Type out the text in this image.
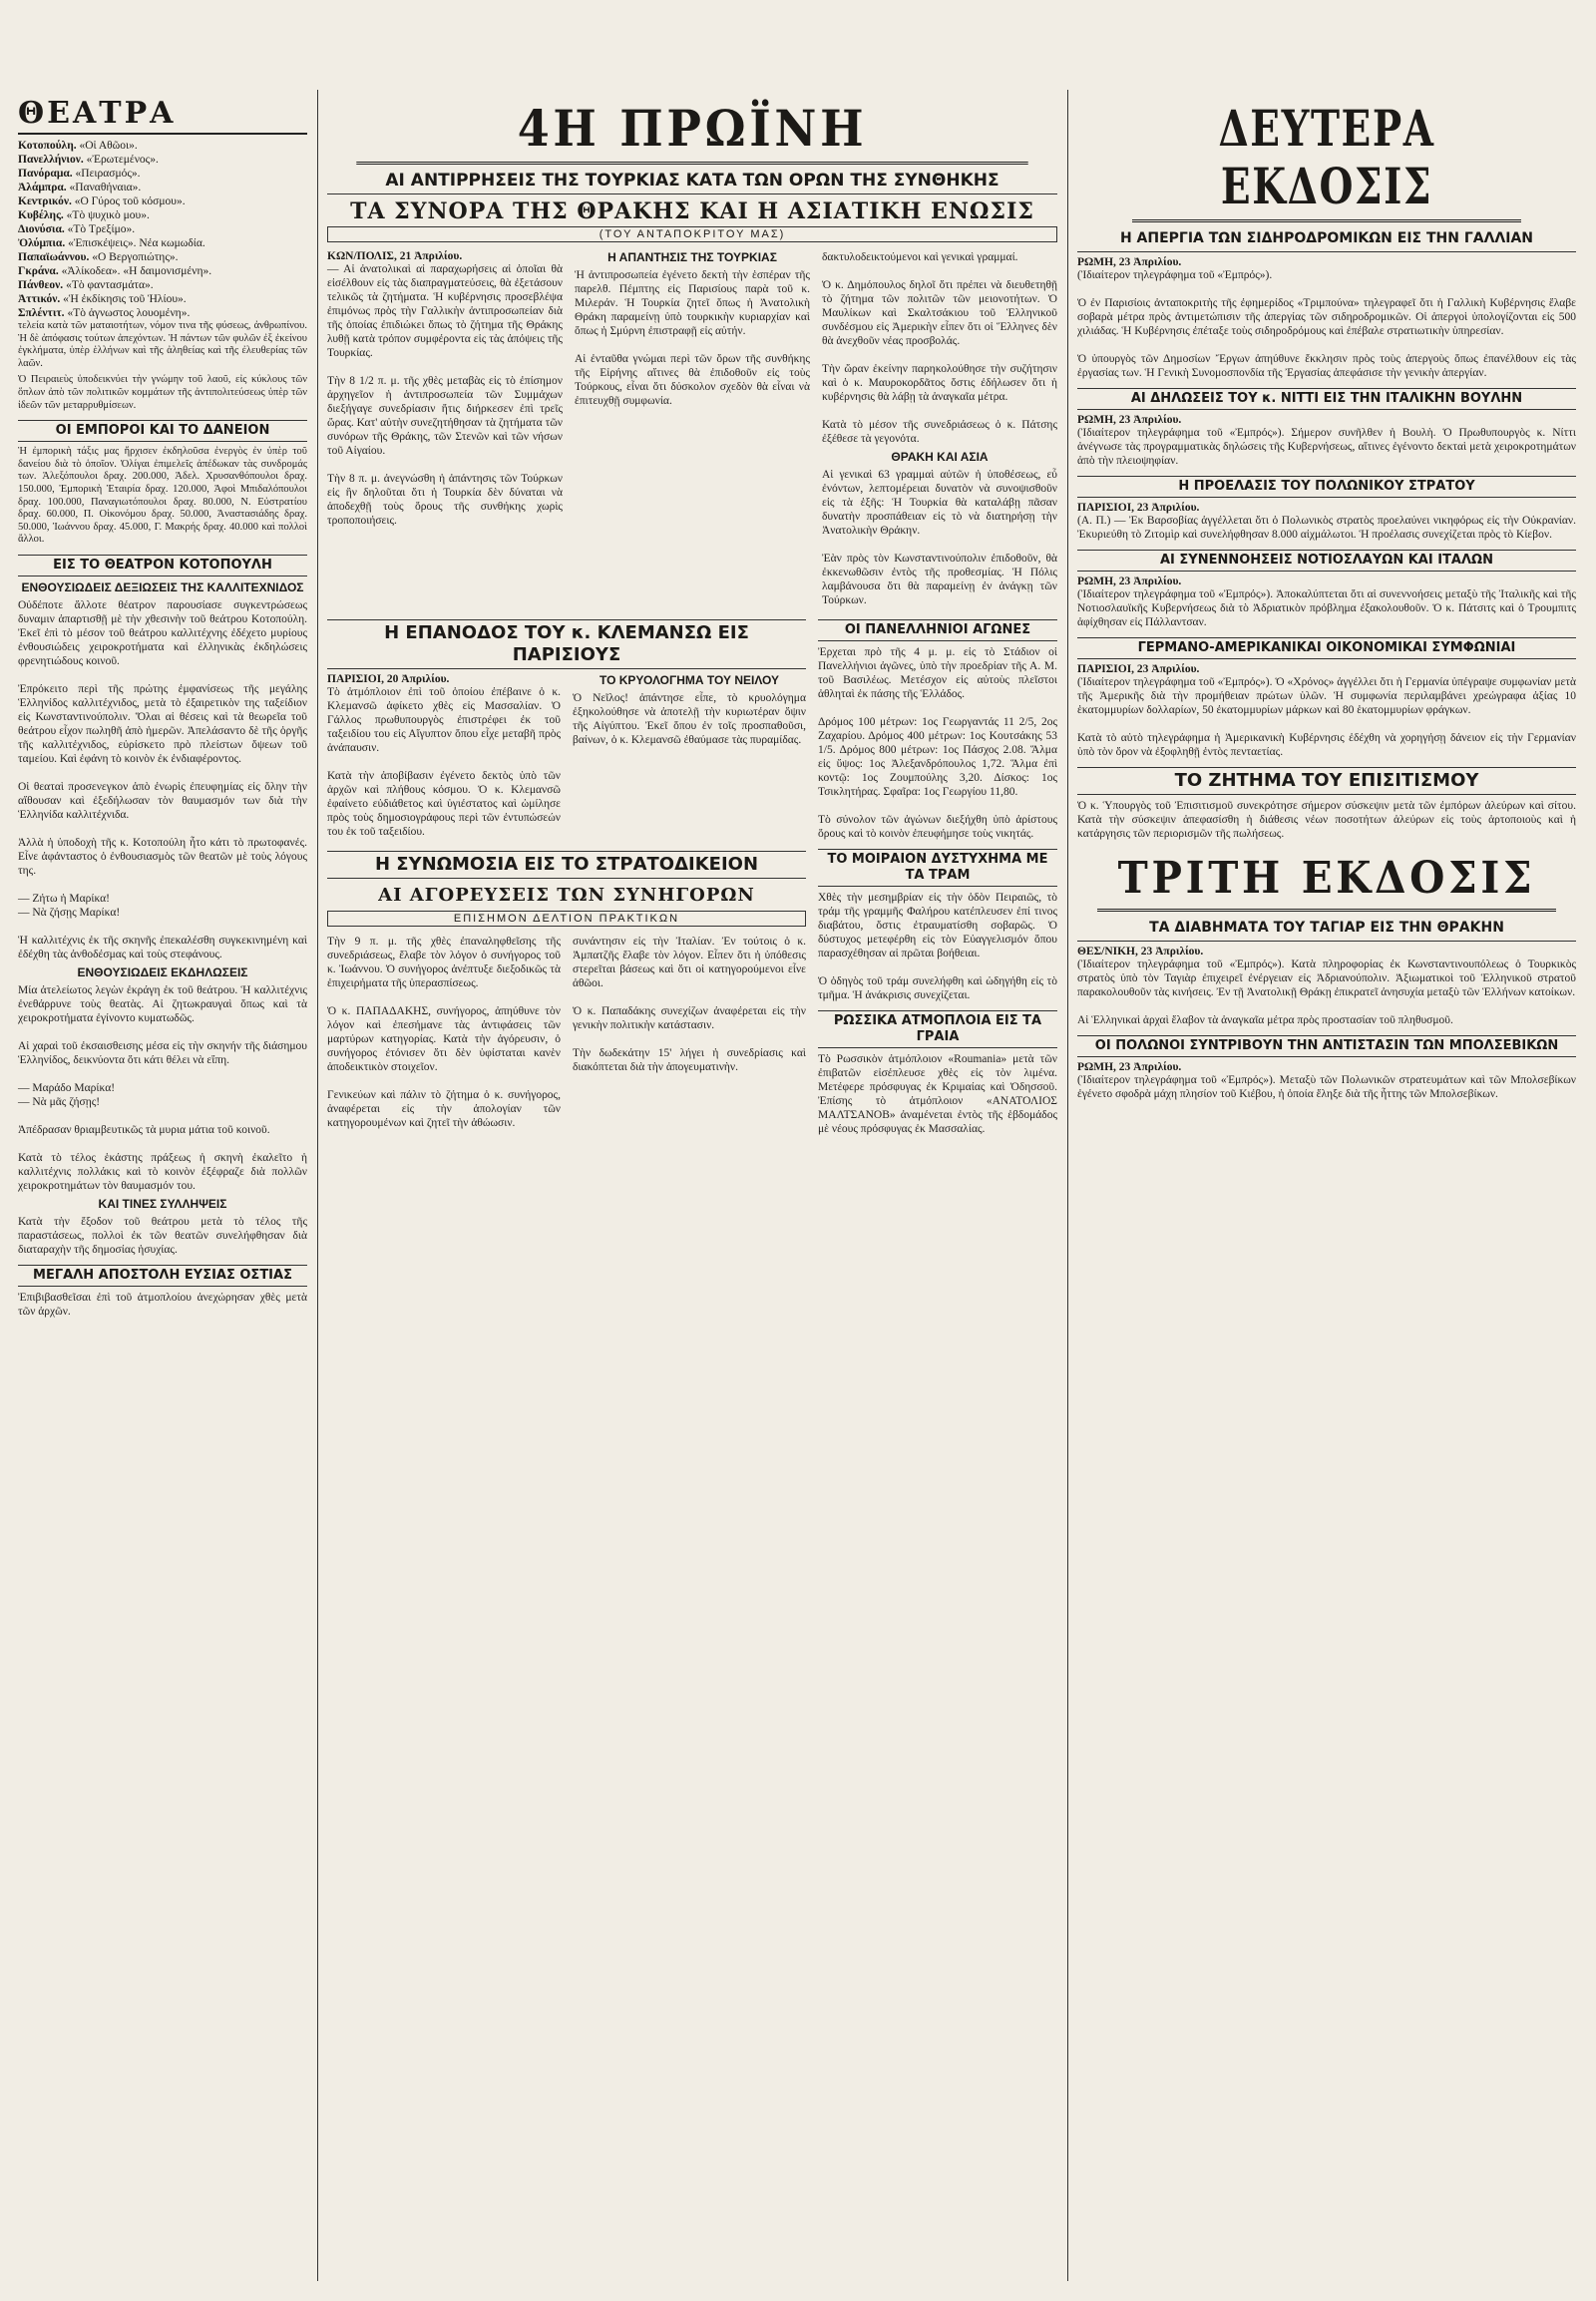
ΘΕΑΤΡΑ

Κοτοπούλη. «Οἱ Αθῶοι».

Πανελλήνιον. «Ἐρωτεμένος».

Πανόραμα. «Πειρασμός».

Ἀλάμπρα. «Παναθήναια».

Κεντρικόν. «Ο Γύρος τοῦ κόσμου».

Κυβέλης. «Τὸ ψυχικὸ μου».

Διονύσια. «Τὸ Τρεξίμο».

Ὀλύμπια. «Ἐπισκέψεις». Νέα κωμωδία.

Παπαϊωάννου. «Ο Βεργοπιώτης».

Γκράνα. «Ἀλίκοδεα». «Η δαιμονισμένη».

Πάνθεον. «Τὸ φαντασμάτα».

Ἀττικόν. «Ἡ ἐκδίκησις τοῦ Ἡλίου».

Σπλέντιτ. «Τὸ ἀγνωστος λουομένη».

τελεία κατὰ τῶν ματαιοτήτων, νόμον τινα τῆς φύσεως, ἀνθρωπίνου. Ἡ δὲ ἀπόφασις τούτων ἀπεχόντων. Ἡ πάντων τῶν φυλῶν ἐξ ἐκείνου ἐγκλήματα, ὑπὲρ ἑλλήνων καὶ τῆς ἀληθείας καὶ τῆς ἐλευθερίας τῶν λαῶν.

Ὁ Πειραιεὺς ὑποδεικνύει τὴν γνώμην τοῦ λαοῦ, εἰς κύκλους τῶν ὅπλων ἀπὸ τῶν πολιτικῶν κομμάτων τῆς ἀντιπολιτεύσεως ὑπὲρ τῶν ἰδεῶν τῶν μεταρρυθμίσεων.

ΟΙ ΕΜΠΟΡΟΙ ΚΑΙ ΤΟ ΔΑΝΕΙΟΝ

Ἡ ἐμπορικὴ τάξις μας ἤρχισεν ἐκδηλοῦσα ἐνεργὸς ἐν ὑπὲρ τοῦ δανείου διὰ τὸ ὁποῖον. Ὀλίγαι ἐπιμελεῖς ἀπέδωκαν τὰς συνδρομάς των. Ἀλεξόπουλοι δραχ. 200.000, Ἀδελ. Χρυσανθόπουλοι δραχ. 150.000, Ἐμπορικὴ Ἑταιρία δραχ. 120.000, Ἀφοὶ Μπιδαλόπουλοι δραχ. 100.000, Παναγιωτόπουλοι δραχ. 80.000, Ν. Εὐστρατίου δραχ. 60.000, Π. Οἰκονόμου δραχ. 50.000, Ἀναστασιάδης δραχ. 50.000, Ἰωάννου δραχ. 45.000, Γ. Μακρής δραχ. 40.000 καὶ πολλοὶ ἄλλοι.

ΕΙΣ ΤΟ ΘΕΑΤΡΟΝ ΚΟΤΟΠΟΥΛΗ
ΕΝΘΟΥΣΙΩΔΕΙΣ ΔΕΞΙΩΣΕΙΣ ΤΗΣ ΚΑΛΛΙΤΕΧΝΙΔΟΣ

Οὐδέποτε ἄλλοτε θέατρον παρουσίασε συγκεντρώσεως δυναμιν ἀπαρτισθῇ μὲ τὴν χθεσινὴν τοῦ θεάτρου Κοτοπούλη. Ἐκεῖ ἐπὶ τὸ μέσον τοῦ θεάτρου καλλιτέχνης ἐδέχετο μυρίους ἐνθουσιώδεις χειροκροτήματα καὶ ἐλληνικὰς ἐκδηλώσεις φρενητιώδους κοινοῦ.

Ἐπρόκειτο περὶ τῆς πρώτης ἐμφανίσεως τῆς μεγάλης Ἑλληνίδος καλλιτέχνιδος, μετὰ τὸ ἐξαιρετικὸν της ταξείδιον εἰς Κωνσταντινούπολιν. Ὅλαι αἱ θέσεις καὶ τὰ θεωρεῖα τοῦ θεάτρου εἶχον πωληθῆ ἀπὸ ἡμερῶν. Ἀπελάσαντο δὲ τῆς ὀργῆς τῆς καλλιτέχνιδος, εὐρίσκετο πρὸ πλείστων ὄψεων τοῦ ταμείου. Καὶ ἐφάνη τὸ κοινὸν ἐκ ἐνδιαφέροντος.

Οἱ θεαταὶ προσενεγκον ἀπὸ ἐνωρὶς ἐπευφημίας εἰς ὅλην τὴν αἴθουσαν καὶ ἐξεδήλωσαν τὸν θαυμασμόν των διὰ τὴν Ἑλληνίδα καλλιτέχνιδα.

Ἀλλὰ ἡ ὑποδοχὴ τῆς κ. Κοτοπούλη ἦτο κάτι τὸ πρωτοφανές. Εἶνε ἀφάνταστος ὁ ἐνθουσιασμὸς τῶν θεατῶν μὲ τοὺς λόγους της.

— Ζήτω ἡ Μαρίκα!
— Νὰ ζήσῃς Μαρίκα!

Ἡ καλλιτέχνις ἐκ τῆς σκηνῆς ἐπεκαλέσθη συγκεκινημένη καὶ ἐδέχθη τὰς ἀνθοδέσμας καὶ τοὺς στεφάνους.

ΕΝΘΟΥΣΙΩΔΕΙΣ ΕΚΔΗΛΩΣΕΙΣ

Μία ἀτελείωτος λεγὼν ἐκράγη ἐκ τοῦ θεάτρου. Ἡ καλλιτέχνις ἐνεθάρρυνε τοὺς θεατὰς. Αἱ ζητωκραυγαὶ ὅπως καὶ τὰ χειροκροτήματα ἐγίνοντο κυματωδῶς.

Αἱ χαραὶ τοῦ ἐκσαισθεισης μέσα εἰς τὴν σκηνήν τῆς διάσημου Ἑλληνίδος, δεικνύοντα ὅτι κάτι θέλει νὰ εἴπη.

— Μαράδο Μαρίκα!
— Νὰ μᾶς ζήσῃς!

Ἀπέδρασαν θριαμβευτικῶς τὰ μυρια μάτια τοῦ κοινοῦ.

Κατὰ τὸ τέλος ἑκάστης πράξεως ἡ σκηνὴ ἐκαλεῖτο ἡ καλλιτέχνις πολλάκις καὶ τὸ κοινὸν ἐξέφραζε διὰ πολλῶν χειροκροτημάτων τὸν θαυμασμόν του.

ΚΑΙ ΤΙΝΕΣ ΣΥΛΛΗΨΕΙΣ

Κατὰ τὴν ἔξοδον τοῦ θεάτρου μετὰ τὸ τέλος τῆς παραστάσεως, πολλοὶ ἐκ τῶν θεατῶν συνελήφθησαν διὰ διαταραχὴν τῆς δημοσίας ἡσυχίας.

ΜΕΓΑΛΗ ΑΠΟΣΤΟΛΗ ΕΥΣΙΑΣ ΟΣΤΙΑΣ

Ἐπιβιβασθεῖσαι ἐπὶ τοῦ ἀτμοπλοίου ἀνεχώρησαν χθὲς μετὰ τῶν ἀρχῶν.

4Η ΠΡΩΪΝΗ
ΑΙ ΑΝΤΙΡΡΗΣΕΙΣ ΤΗΣ ΤΟΥΡΚΙΑΣ ΚΑΤΑ ΤΩΝ ΟΡΩΝ ΤΗΣ ΣΥΝΘΗΚΗΣ
ΤΑ ΣΥΝΟΡΑ ΤΗΣ ΘΡΑΚΗΣ ΚΑΙ Η ΑΣΙΑΤΙΚΗ ΕΝΩΣΙΣ
(ΤΟΥ ΑΝΤΑΠΟΚΡΙΤΟΥ ΜΑΣ)

ΚΩΝ/ΠΟΛΙΣ, 21 Ἀπριλίου.

— Αἱ ἀνατολικαὶ αἱ παραχωρήσεις αἱ ὁποῖαι θὰ εἰσέλθουν εἰς τὰς διαπραγματεύσεις, θὰ ἐξετάσουν τελικῶς τὰ ζητήματα. Ἡ κυβέρνησις προσεβλέψα ἐπιμόνως πρὸς τὴν Γαλλικὴν ἀντιπροσωπείαν διὰ τῆς ὁποίας ἐπιδιώκει ὅπως τὸ ζήτημα τῆς Θράκης λυθῇ κατὰ τρόπον συμφέροντα εἰς τὰς ἀπόψεις τῆς Τουρκίας.

Τὴν 8 1/2 π. μ. τῆς χθὲς μεταβὰς εἰς τὸ ἐπίσημον ἀρχηγεῖον ἡ ἀντιπροσωπεία τῶν Συμμάχων διεξήγαγε συνεδρίασιν ἥτις διήρκεσεν ἐπὶ τρεῖς ὥρας. Κατ' αὐτὴν συνεζητήθησαν τὰ ζητήματα τῶν συνόρων τῆς Θράκης, τῶν Στενῶν καὶ τῶν νήσων τοῦ Αἰγαίου.

Τὴν 8 π. μ. ἀνεγνώσθη ἡ ἀπάντησις τῶν Τούρκων εἰς ἣν δηλοῦται ὅτι ἡ Τουρκία δὲν δύναται νὰ ἀποδεχθῇ τοὺς ὅρους τῆς συνθήκης χωρὶς τροποποιήσεις.

Η ΑΠΑΝΤΗΣΙΣ ΤΗΣ ΤΟΥΡΚΙΑΣ

Ἡ ἀντιπροσωπεία ἐγένετο δεκτὴ τὴν ἑσπέραν τῆς παρελθ. Πέμπτης εἰς Παρισίους παρὰ τοῦ κ. Μιλεράν. Ἡ Τουρκία ζητεῖ ὅπως ἡ Ἀνατολικὴ Θράκη παραμείνῃ ὑπὸ τουρκικὴν κυριαρχίαν καὶ ὅπως ἡ Σμύρνη ἐπιστραφῇ εἰς αὐτήν.

Αἱ ἐνταῦθα γνώμαι περὶ τῶν ὅρων τῆς συνθήκης τῆς Εἰρήνης αἵτινες θὰ ἐπιδοθοῦν εἰς τοὺς Τούρκους, εἶναι ὅτι δύσκολον σχεδὸν θὰ εἶναι νὰ ἐπιτευχθῇ συμφωνία.

δακτυλοδεικτούμενοι καὶ γενικαὶ γραμμαί.

Ὁ κ. Δημόπουλος δηλοῖ ὅτι πρέπει νὰ διευθετηθῇ τὸ ζήτημα τῶν πολιτῶν τῶν μειονοτήτων. Ὁ Μαυλίκων καὶ Σκαλτσάκιου τοῦ Ἑλληνικοῦ συνδέσμου εἰς Ἀμερικὴν εἶπεν ὅτι οἱ Ἕλληνες δὲν θὰ ἀνεχθοῦν νέας προσβολάς.

Τὴν ὥραν ἐκείνην παρηκολούθησε τὴν συζήτησιν καὶ ὁ κ. Μαυροκορδᾶτος ὅστις ἐδήλωσεν ὅτι ἡ κυβέρνησις θὰ λάβῃ τὰ ἀναγκαῖα μέτρα.

Κατὰ τὸ μέσον τῆς συνεδριάσεως ὁ κ. Πάτσης ἐξέθεσε τὰ γεγονότα.

ΘΡΑΚΗ ΚΑΙ ΑΣΙΑ

Αἱ γενικαὶ 63 γραμμαὶ αὐτῶν ἡ ὑποθέσεως, εὗ ἐνόντων, λεπτομέρειαι δυνατὸν νὰ συνοψισθοῦν εἰς τὰ ἑξῆς: Ἡ Τουρκία θὰ καταλάβῃ πᾶσαν δυνατὴν προσπάθειαν εἰς τὸ νὰ διατηρήσῃ τὴν Ἀνατολικὴν Θράκην.

Ἐὰν πρὸς τὸν Κωνσταντινούπολιν ἐπιδοθοῦν, θὰ ἐκκενωθῶσιν ἐντὸς τῆς προθεσμίας. Ἡ Πόλις λαμβάνουσα ὅτι θὰ παραμείνῃ ἐν ἀνάγκῃ τῶν Τούρκων.

Η ΕΠΑΝΟΔΟΣ ΤΟΥ κ. ΚΛΕΜΑΝΣΩ ΕΙΣ ΠΑΡΙΣΙΟΥΣ

ΠΑΡΙΣΙΟΙ, 20 Ἀπριλίου.

Τὸ ἀτμόπλοιον ἐπὶ τοῦ ὁποίου ἐπέβαινε ὁ κ. Κλεμανσῶ ἀφίκετο χθὲς εἰς Μασσαλίαν. Ὁ Γάλλος πρωθυπουργὸς ἐπιστρέφει ἐκ τοῦ ταξειδίου του εἰς Αἴγυπτον ὅπου εἶχε μεταβῆ πρὸς ἀνάπαυσιν.

Κατὰ τὴν ἀποβίβασιν ἐγένετο δεκτὸς ὑπὸ τῶν ἀρχῶν καὶ πλήθους κόσμου. Ὁ κ. Κλεμανσῶ ἐφαίνετο εὐδιάθετος καὶ ὑγιέστατος καὶ ὡμίλησε πρὸς τοὺς δημοσιογράφους περὶ τῶν ἐντυπώσεών του ἐκ τοῦ ταξειδίου.

ΤΟ ΚΡΥΟΛΟΓΗΜΑ ΤΟΥ ΝΕΙΛΟΥ

Ὁ Νεῖλος! ἀπάντησε εἶπε, τὸ κρυολόγημα ἐξηκολούθησε νὰ ἀποτελῇ τὴν κυριωτέραν ὄψιν τῆς Αἰγύπτου. Ἐκεῖ ὅπου ἐν τοῖς προσπαθοῦσι, βαίνων, ὁ κ. Κλεμανσῶ ἐθαύμασε τὰς πυραμίδας.

Η ΣΥΝΩΜΟΣΙΑ ΕΙΣ ΤΟ ΣΤΡΑΤΟΔΙΚΕΙΟΝ
ΑΙ ΑΓΟΡΕΥΣΕΙΣ ΤΩΝ ΣΥΝΗΓΟΡΩΝ
ΕΠΙΣΗΜΟΝ ΔΕΛΤΙΟΝ ΠΡΑΚΤΙΚΩΝ

Τὴν 9 π. μ. τῆς χθὲς ἐπαναληφθεῖσης τῆς συνεδριάσεως, ἔλαβε τὸν λόγον ὁ συνήγορος τοῦ κ. Ἰωάννου. Ὁ συνήγορος ἀνέπτυξε διεξοδικῶς τὰ ἐπιχειρήματα τῆς ὑπερασπίσεως.

Ὁ κ. ΠΑΠΑΔΑΚΗΣ, συνήγορος, ἀπηύθυνε τὸν λόγον καὶ ἐπεσήμανε τὰς ἀντιφάσεις τῶν μαρτύρων κατηγορίας. Κατὰ τὴν ἀγόρευσιν, ὁ συνήγορος ἐτόνισεν ὅτι δὲν ὑφίσταται κανὲν ἀποδεικτικὸν στοιχεῖον.

Γενικεύων καὶ πάλιν τὸ ζήτημα ὁ κ. συνήγορος, ἀναφέρεται εἰς τὴν ἀπολογίαν τῶν κατηγορουμένων καὶ ζητεῖ τὴν ἀθώωσιν.

συνάντησιν εἰς τὴν Ἰταλίαν. Ἐν τούτοις ὁ κ. Ἀμπατζῆς ἔλαβε τὸν λόγον. Εἶπεν ὅτι ἡ ὑπόθεσις στερεῖται βάσεως καὶ ὅτι οἱ κατηγορούμενοι εἶνε ἀθῶοι.

Ὁ κ. Παπαδάκης συνεχίζων ἀναφέρεται εἰς τὴν γενικὴν πολιτικὴν κατάστασιν.

Τὴν δωδεκάτην 15' λήγει ἡ συνεδρίασις καὶ διακόπτεται διὰ τὴν ἀπογευματινὴν.

ΟΙ ΠΑΝΕΛΛΗΝΙΟΙ ΑΓΩΝΕΣ

Ἐρχεται πρὸ τῆς 4 μ. μ. εἰς τὸ Στάδιον οἱ Πανελλήνιοι ἀγῶνες, ὑπὸ τὴν προεδρίαν τῆς Α. Μ. τοῦ Βασιλέως. Μετέσχον εἰς αὐτοὺς πλεῖστοι ἀθληταὶ ἐκ πάσης τῆς Ἑλλάδος.

Δρόμος 100 μέτρων: 1ος Γεωργαντάς 11 2/5, 2ος Ζαχαρίου. Δρόμος 400 μέτρων: 1ος Κουτσάκης 53 1/5. Δρόμος 800 μέτρων: 1ος Πάσχος 2.08. Ἅλμα εἰς ὕψος: 1ος Ἀλεξανδρόπουλος 1,72. Ἅλμα ἐπὶ κοντῷ: 1ος Ζουμπούλης 3,20. Δίσκος: 1ος Τσικλητήρας. Σφαῖρα: 1ος Γεωργίου 11,80.

Τὸ σύνολον τῶν ἀγώνων διεξήχθη ὑπὸ ἀρίστους ὅρους καὶ τὸ κοινὸν ἐπευφήμησε τοὺς νικητάς.

ΤΟ ΜΟΙΡΑΙΟΝ ΔΥΣΤΥΧΗΜΑ ΜΕ ΤΑ ΤΡΑΜ

Χθὲς τὴν μεσημβρίαν εἰς τὴν ὁδὸν Πειραιῶς, τὸ τράμ τῆς γραμμῆς Φαλήρου κατέπλευσεν ἐπί τινος διαβάτου, ὅστις ἐτραυματίσθη σοβαρῶς. Ὁ δύστυχος μετεφέρθη εἰς τὸν Εὐαγγελισμόν ὅπου παρασχέθησαν αἱ πρῶται βοήθειαι.

Ὁ ὁδηγὸς τοῦ τράμ συνελήφθη καὶ ὡδηγήθη εἰς τὸ τμῆμα. Ἡ ἀνάκρισις συνεχίζεται.

ΡΩΣΣΙΚΑ ΑΤΜΟΠΛΟΙΑ ΕΙΣ ΤΑ ΓΡΑΙΑ

Τὸ Ρωσσικὸν ἀτμόπλοιον «Roumania» μετὰ τῶν ἐπιβατῶν εἰσέπλευσε χθὲς εἰς τὸν λιμένα. Μετέφερε πρόσφυγας ἐκ Κριμαίας καὶ Ὀδησσοῦ. Ἐπίσης τὸ ἀτμόπλοιον «ΑΝΑΤΟΛΙΟΣ ΜΑΛΤΣΑΝΟΒ» ἀναμένεται ἐντὸς τῆς ἑβδομάδος μὲ νέους πρόσφυγας ἐκ Μασσαλίας.

ΔΕΥΤΕΡΑ ΕΚΔΟΣΙΣ
Η ΑΠΕΡΓΙΑ ΤΩΝ ΣΙΔΗΡΟΔΡΟΜΙΚΩΝ ΕΙΣ ΤΗΝ ΓΑΛΛΙΑΝ

ΡΩΜΗ, 23 Ἀπριλίου.

(Ἰδιαίτερον τηλεγράφημα τοῦ «Ἐμπρός»).

Ὁ ἐν Παρισίοις ἀνταποκριτὴς τῆς ἐφημερίδος «Τριμπούνα» τηλεγραφεῖ ὅτι ἡ Γαλλικὴ Κυβέρνησις ἔλαβε σοβαρὰ μέτρα πρὸς ἀντιμετώπισιν τῆς ἀπεργίας τῶν σιδηροδρομικῶν. Οἱ ἀπεργοὶ ὑπολογίζονται εἰς 500 χιλιάδας. Ἡ Κυβέρνησις ἐπέταξε τοὺς σιδηροδρόμους καὶ ἐπέβαλε στρατιωτικὴν ὑπηρεσίαν.

Ὁ ὑπουργὸς τῶν Δημοσίων Ἔργων ἀπηύθυνε ἔκκλησιν πρὸς τοὺς ἀπεργοὺς ὅπως ἐπανέλθουν εἰς τὰς ἐργασίας των. Ἡ Γενικὴ Συνομοσπονδία τῆς Ἐργασίας ἀπεφάσισε τὴν γενικὴν ἀπεργίαν.

ΑΙ ΔΗΛΩΣΕΙΣ ΤΟΥ κ. ΝΙΤΤΙ ΕΙΣ ΤΗΝ ΙΤΑΛΙΚΗΝ ΒΟΥΛΗΝ

ΡΩΜΗ, 23 Ἀπριλίου.

(Ἰδιαίτερον τηλεγράφημα τοῦ «Ἐμπρός»). Σήμερον συνῆλθεν ἡ Βουλὴ. Ὁ Πρωθυπουργὸς κ. Νίττι ἀνέγνωσε τὰς προγραμματικὰς δηλώσεις τῆς Κυβερνήσεως, αἵτινες ἐγένοντο δεκταὶ μετὰ χειροκροτημάτων ἀπὸ τὴν πλειοψηφίαν.

Η ΠΡΟΕΛΑΣΙΣ ΤΟΥ ΠΟΛΩΝΙΚΟΥ ΣΤΡΑΤΟΥ

ΠΑΡΙΣΙΟΙ, 23 Ἀπριλίου.

(Α. Π.) — Ἐκ Βαρσοβίας ἀγγέλλεται ὅτι ὁ Πολωνικὸς στρατὸς προελαύνει νικηφόρως εἰς τὴν Οὐκρανίαν. Ἐκυριεύθη τὸ Ζιτομὶρ καὶ συνελήφθησαν 8.000 αἰχμάλωτοι. Ἡ προέλασις συνεχίζεται πρὸς τὸ Κίεβον.

ΑΙ ΣΥΝΕΝΝΟΗΣΕΙΣ ΝΟΤΙΟΣΛΑΥΩΝ ΚΑΙ ΙΤΑΛΩΝ

ΡΩΜΗ, 23 Ἀπριλίου.

(Ἰδιαίτερον τηλεγράφημα τοῦ «Ἐμπρός»). Ἀποκαλύπτεται ὅτι αἱ συνεννοήσεις μεταξὺ τῆς Ἰταλικῆς καὶ τῆς Νοτιοσλαυϊκῆς Κυβερνήσεως διὰ τὸ Ἀδριατικὸν πρόβλημα ἐξακολουθοῦν. Ὁ κ. Πάτσιτς καὶ ὁ Τρουμπιτς ἀφίχθησαν εἰς Πάλλαντσαν.

ΓΕΡΜΑΝΟ-ΑΜΕΡΙΚΑΝΙΚΑΙ ΟΙΚΟΝΟΜΙΚΑΙ ΣΥΜΦΩΝΙΑΙ

ΠΑΡΙΣΙΟΙ, 23 Ἀπριλίου.

(Ἰδιαίτερον τηλεγράφημα τοῦ «Ἐμπρός»). Ὁ «Χρόνος» ἀγγέλλει ὅτι ἡ Γερμανία ὑπέγραψε συμφωνίαν μετὰ τῆς Ἀμερικῆς διὰ τὴν προμήθειαν πρώτων ὑλῶν. Ἡ συμφωνία περιλαμβάνει χρεώγραφα ἀξίας 10 ἑκατομμυρίων δολλαρίων, 50 ἐκατομμυρίων μάρκων καὶ 80 ἑκατομμυρίων φράγκων.

Κατὰ τὸ αὐτὸ τηλεγράφημα ἡ Ἀμερικανικὴ Κυβέρνησις ἐδέχθη νὰ χορηγήσῃ δάνειον εἰς τὴν Γερμανίαν ὑπὸ τὸν ὅρον νὰ ἐξοφληθῇ ἐντὸς πενταετίας.

ΤΟ ΖΗΤΗΜΑ ΤΟΥ ΕΠΙΣΙΤΙΣΜΟΥ

Ὁ κ. Ὑπουργὸς τοῦ Ἐπισιτισμοῦ συνεκρότησε σήμερον σύσκεψιν μετὰ τῶν ἐμπόρων ἀλεύρων καὶ σίτου. Κατὰ τὴν σύσκεψιν ἀπεφασίσθη ἡ διάθεσις νέων ποσοτήτων ἀλεύρων εἰς τοὺς ἀρτοποιοὺς καὶ ἡ κατάργησις τῶν περιορισμῶν τῆς πωλήσεως.

ΤΡΙΤΗ ΕΚΔΟΣΙΣ
ΤΑ ΔΙΑΒΗΜΑΤΑ ΤΟΥ ΤΑΓΙΑΡ ΕΙΣ ΤΗΝ ΘΡΑΚΗΝ

ΘΕΣ/ΝΙΚΗ, 23 Ἀπριλίου.

(Ἰδιαίτερον τηλεγράφημα τοῦ «Ἐμπρός»). Κατὰ πληροφορίας ἐκ Κωνσταντινουπόλεως ὁ Τουρκικὸς στρατὸς ὑπὸ τὸν Ταγιὰρ ἐπιχειρεῖ ἐνέργειαν εἰς Ἀδριανούπολιν. Ἀξιωματικοὶ τοῦ Ἑλληνικοῦ στρατοῦ παρακολουθοῦν τὰς κινήσεις. Ἐν τῇ Ἀνατολικῇ Θράκῃ ἐπικρατεῖ ἀνησυχία μεταξὺ τῶν Ἑλλήνων κατοίκων.

Αἱ Ἑλληνικαὶ ἀρχαὶ ἔλαβον τὰ ἀναγκαῖα μέτρα πρὸς προστασίαν τοῦ πληθυσμοῦ.

ΟΙ ΠΟΛΩΝΟΙ ΣΥΝΤΡΙΒΟΥΝ ΤΗΝ ΑΝΤΙΣΤΑΣΙΝ ΤΩΝ ΜΠΟΛΣΕΒΙΚΩΝ

ΡΩΜΗ, 23 Ἀπριλίου.

(Ἰδιαίτερον τηλεγράφημα τοῦ «Ἐμπρός»). Μεταξὺ τῶν Πολωνικῶν στρατευμάτων καὶ τῶν Μπολσεβίκων ἐγένετο σφοδρὰ μάχη πλησίον τοῦ Κιέβου, ἡ ὁποία ἔληξε διὰ τῆς ἧττης τῶν Μπολσεβίκων.
